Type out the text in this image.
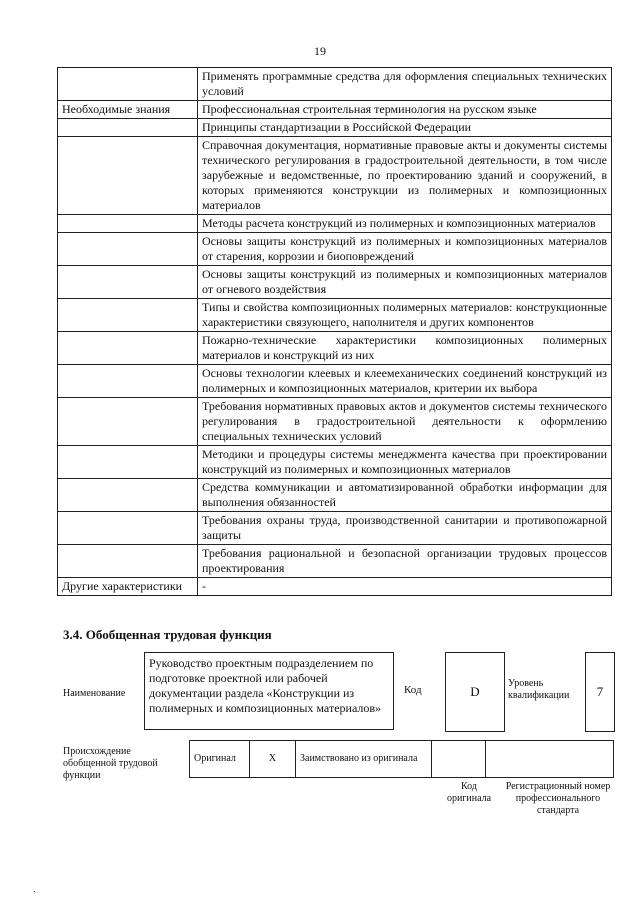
19
	Применять программные средства для оформления специальных технических условий
Необходимые знания	Профессиональная строительная терминология на русском языке
	Принципы стандартизации в Российской Федерации
	Справочная документация, нормативные правовые акты и документы системы технического регулирования в градостроительной деятельности, в том числе зарубежные и ведомственные, по проектированию зданий и сооружений, в которых применяются конструкции из полимерных и композиционных материалов
	Методы расчета конструкций из полимерных и композиционных материалов
	Основы защиты конструкций из полимерных и композиционных материалов от старения, коррозии и биоповреждений
	Основы защиты конструкций из полимерных и композиционных материалов от огневого воздействия
	Типы и свойства композиционных полимерных материалов: конструкционные характеристики связующего, наполнителя и других компонентов
	Пожарно-технические характеристики композиционных полимерных материалов и конструкций из них
	Основы технологии клеевых и клеемеханических соединений конструкций из полимерных и композиционных материалов, критерии их выбора
	Требования нормативных правовых актов и документов системы технического регулирования в градостроительной деятельности к оформлению специальных технических условий
	Методики и процедуры системы менеджмента качества при проектировании конструкций из полимерных и композиционных материалов
	Средства коммуникации и автоматизированной обработки информации для выполнения обязанностей
	Требования охраны труда, производственной санитарии и противопожарной защиты
	Требования рациональной и безопасной организации трудовых процессов проектирования
Другие характеристики	-
3.4. Обобщенная трудовая функция
Наименование
Руководство проектным подразделением по подготовке проектной или рабочей документации раздела «Конструкции из полимерных и композиционных материалов»
Код	D
Уровень квалификации	7
Происхождение обобщенной трудовой функции
Оригинал	X	Заимствовано из оригинала		
Код оригинала
Регистрационный номер профессионального стандарта
ˎ
